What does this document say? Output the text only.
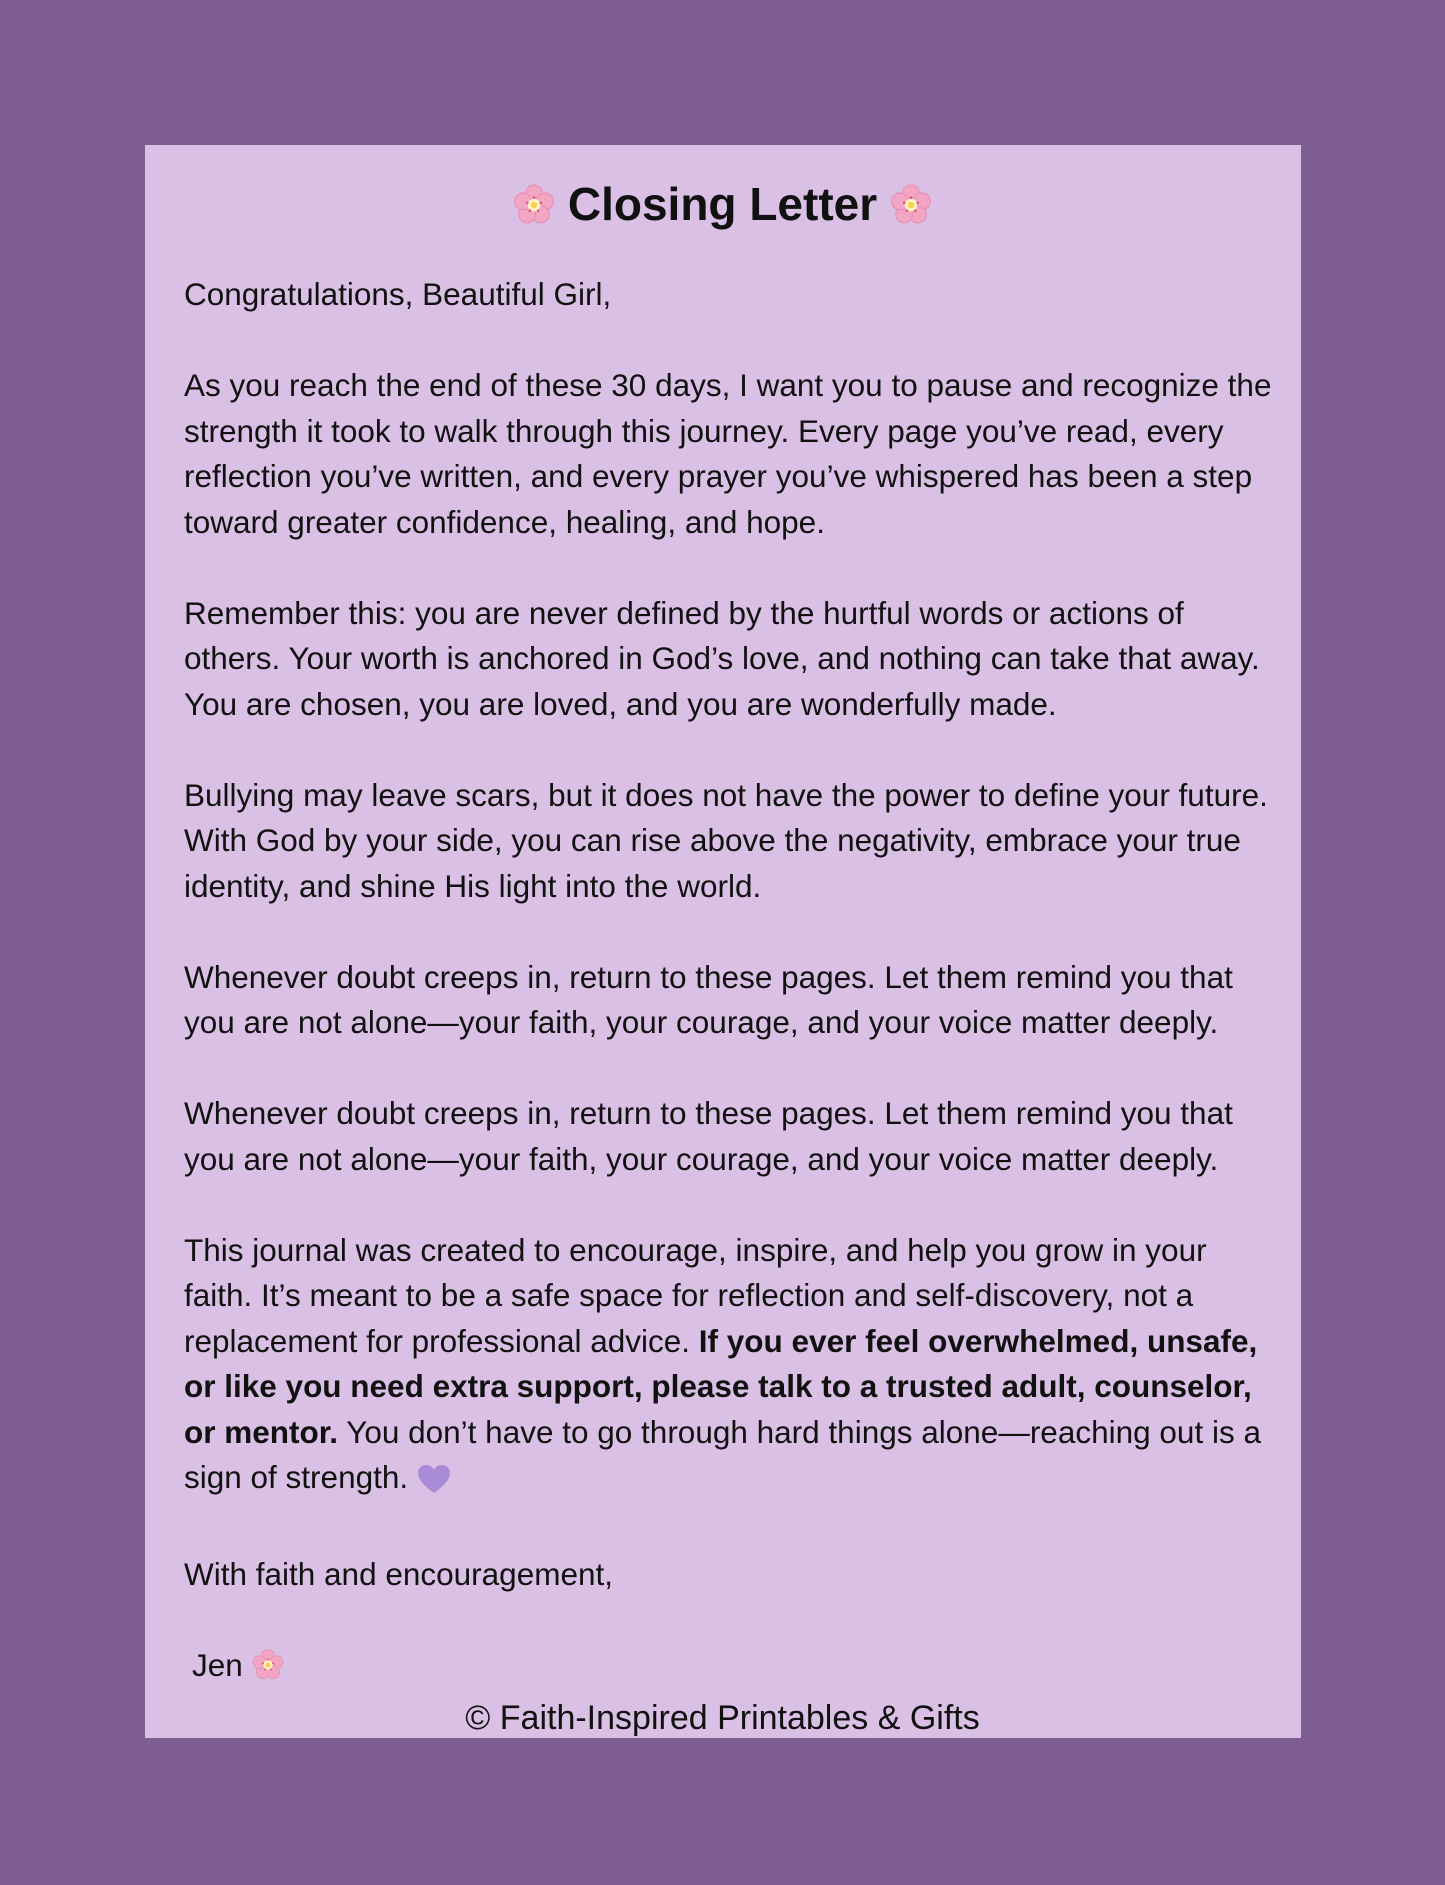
Closing Letter

Congratulations, Beautiful Girl,

As you reach the end of these 30 days, I want you to pause and recognize the strength it took to walk through this journey. Every page you’ve read, every reflection you’ve written, and every prayer you’ve whispered has been a step toward greater confidence, healing, and hope.

Remember this: you are never defined by the hurtful words or actions of others. Your worth is anchored in God’s love, and nothing can take that away. You are chosen, you are loved, and you are wonderfully made.

Bullying may leave scars, but it does not have the power to define your future. With God by your side, you can rise above the negativity, embrace your true identity, and shine His light into the world.

Whenever doubt creeps in, return to these pages. Let them remind you that you are not alone—your faith, your courage, and your voice matter deeply.

Whenever doubt creeps in, return to these pages. Let them remind you that you are not alone—your faith, your courage, and your voice matter deeply.

This journal was created to encourage, inspire, and help you grow in your faith. It’s meant to be a safe space for reflection and self-discovery, not a replacement for professional advice. If you ever feel overwhelmed, unsafe, or like you need extra support, please talk to a trusted adult, counselor, or mentor. You don’t have to go through hard things alone—reaching out is a sign of strength.

With faith and encouragement,

Jen

© Faith-Inspired Printables & Gifts
